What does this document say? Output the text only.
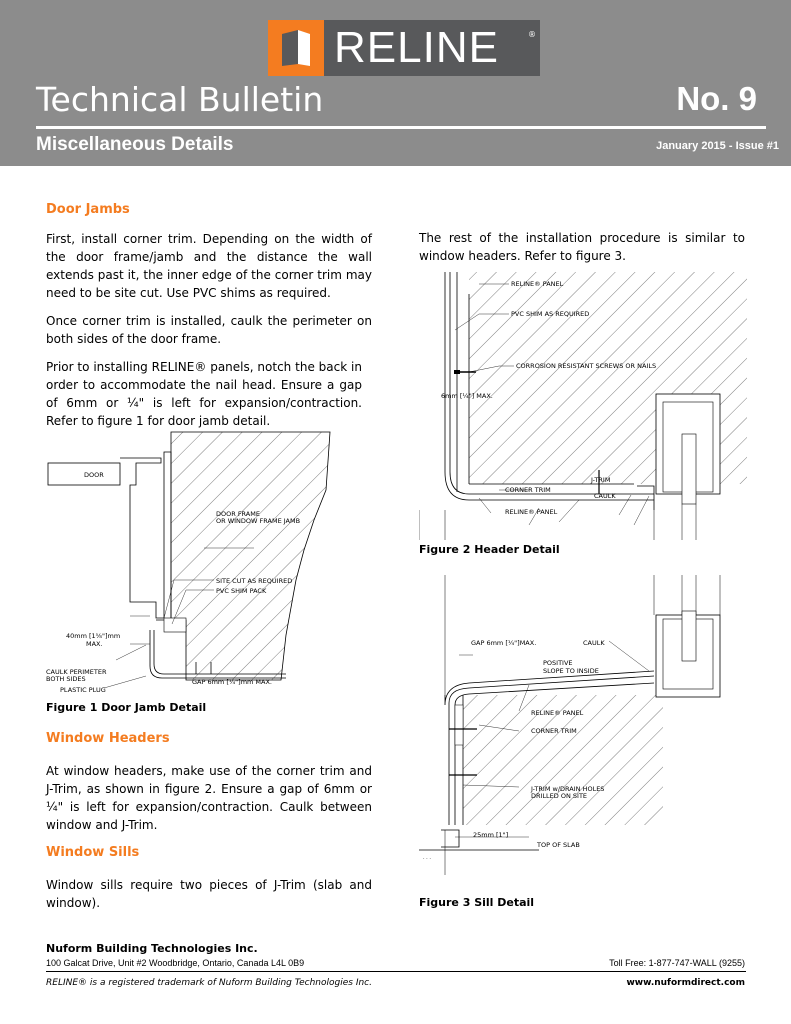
RELINE	®
Technical Bulletin	No. 9
Miscellaneous Details	January 2015 - Issue #1
Door Jambs
First, install corner trim. Depending on the width of the door frame/jamb and the distance the wall extends past it, the inner edge of the corner trim may need to be site cut. Use PVC shims as required.
Once corner trim is installed, caulk the perimeter on both sides of the door frame.
Prior to installing RELINE® panels, notch the back in order to accommodate the nail head. Ensure a gap of 6mm or ¼" is left for expansion/contraction. Refer to figure 1 for door jamb detail.
DOOR
DOOR FRAME
OR WINDOW FRAME JAMB
SITE CUT AS REQUIRED
PVC SHIM PACK
40mm [1⅝"]mm
MAX.
CAULK PERIMETER
BOTH SIDES
PLASTIC PLUG
GAP 6mm [¼"]mm MAX.
Figure 1 Door Jamb Detail
Window Headers
At window headers, make use of the corner trim and J-Trim, as shown in figure 2. Ensure a gap of 6mm or ¼" is left for expansion/contraction. Caulk between window and J-Trim.
Window Sills
Window sills require two pieces of J-Trim (slab and window).
The rest of the installation procedure is similar to window headers. Refer to figure 3.
RELINE® PANEL
PVC SHIM AS REQUIRED
CORROSION RESISTANT SCREWS OR NAILS
6mm [¼"] MAX.
J-TRIM
CORNER TRIM
CAULK
RELINE® PANEL
Figure 2 Header Detail
· · ·
GAP 6mm [¼"]MAX.	CAULK
POSITIVE
SLOPE TO INSIDE
RELINE® PANEL
CORNER TRIM
J-TRIM w/DRAIN HOLES
DRILLED ON SITE
25mm [1"]
TOP OF SLAB
Figure 3 Sill Detail
Nuform Building Technologies Inc.
100 Galcat Drive, Unit #2 Woodbridge, Ontario, Canada L4L 0B9	Toll Free: 1-877-747-WALL (9255)
RELINE® is a registered trademark of Nuform Building Technologies Inc.	www.nuformdirect.com
